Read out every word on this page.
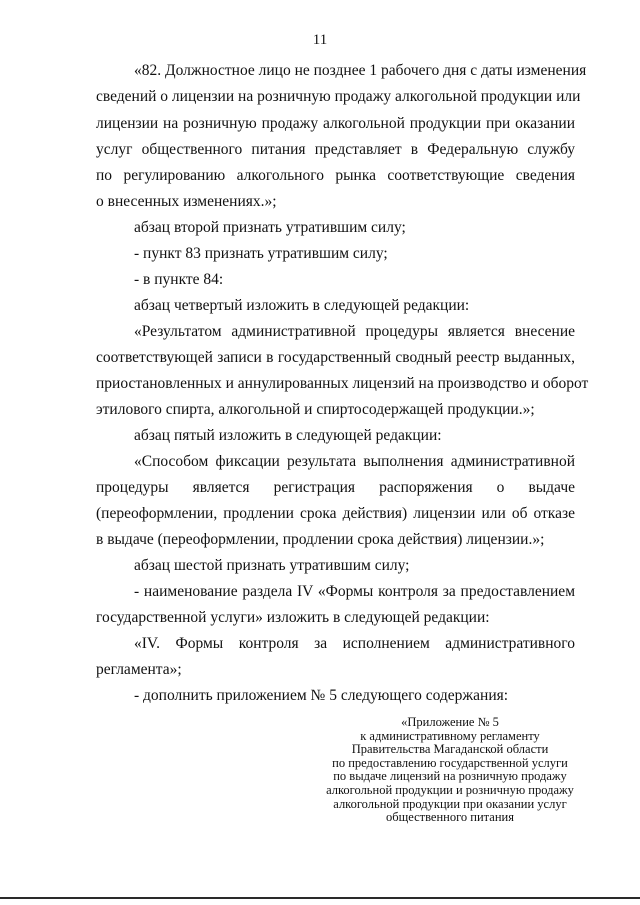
11
«82. Должностное лицо не позднее 1 рабочего дня с даты изменения
сведений о лицензии на розничную продажу алкогольной продукции или
лицензии на розничную продажу алкогольной продукции при оказании
услуг общественного питания представляет в Федеральную службу
по регулированию алкогольного рынка соответствующие сведения
о внесенных изменениях.»;
абзац второй признать утратившим силу;
- пункт 83 признать утратившим силу;
- в пункте 84:
абзац четвертый изложить в следующей редакции:
«Результатом административной процедуры является внесение
соответствующей записи в государственный сводный реестр выданных,
приостановленных и аннулированных лицензий на производство и оборот
этилового спирта, алкогольной и спиртосодержащей продукции.»;
абзац пятый изложить в следующей редакции:
«Способом фиксации результата выполнения административной
процедуры является регистрация распоряжения о выдаче
(переоформлении, продлении срока действия) лицензии или об отказе
в выдаче (переоформлении, продлении срока действия) лицензии.»;
абзац шестой признать утратившим силу;
- наименование раздела IV «Формы контроля за предоставлением
государственной услуги» изложить в следующей редакции:
«IV. Формы контроля за исполнением административного
регламента»;
- дополнить приложением № 5 следующего содержания:
«Приложение № 5
к административному регламенту
Правительства Магаданской области
по предоставлению государственной услуги
по выдаче лицензий на розничную продажу
алкогольной продукции и розничную продажу
алкогольной продукции при оказании услуг
общественного питания
